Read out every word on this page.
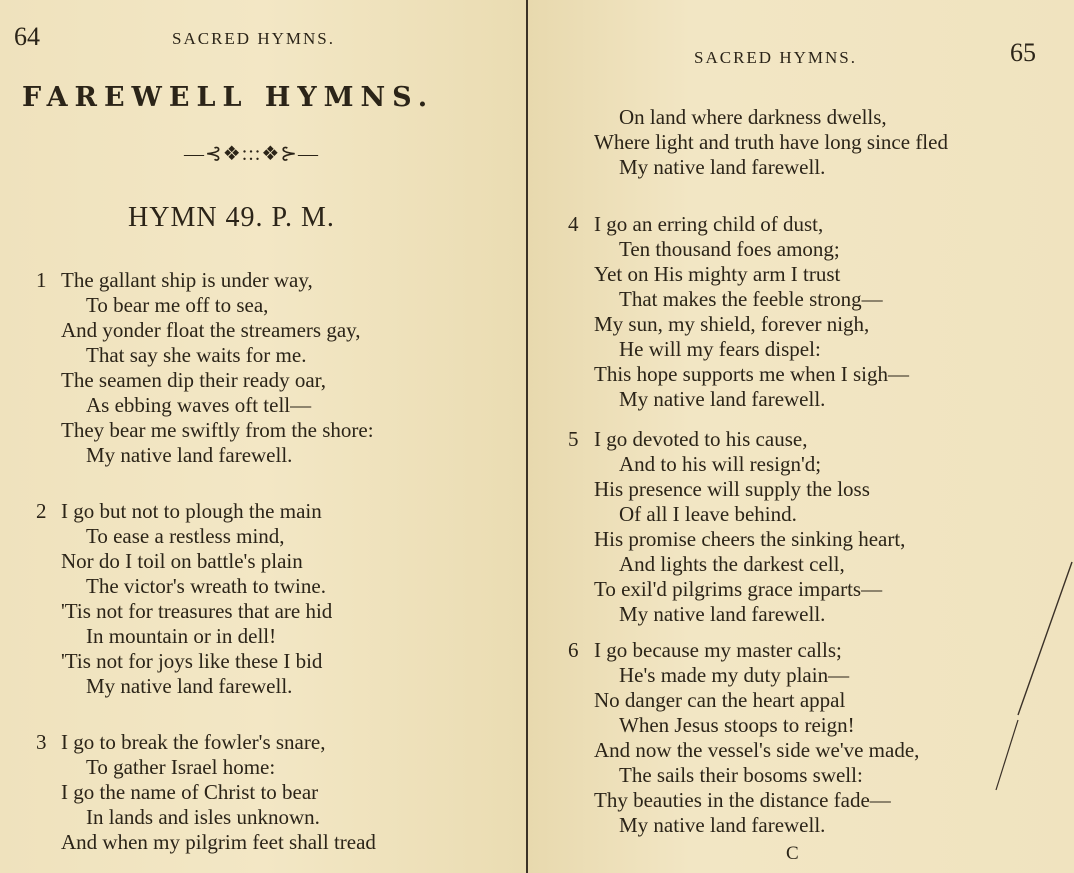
64	SACRED HYMNS.
FAREWELL HYMNS.
—⊰❖:::❖⊱—
HYMN 49. P. M.
1 The gallant ship is under way,
To bear me off to sea,
And yonder float the streamers gay,
That say she waits for me.
The seamen dip their ready oar,
As ebbing waves oft tell—
They bear me swiftly from the shore:
My native land farewell.
2 I go but not to plough the main
To ease a restless mind,
Nor do I toil on battle's plain
The victor's wreath to twine.
'Tis not for treasures that are hid
In mountain or in dell!
'Tis not for joys like these I bid
My native land farewell.
3 I go to break the fowler's snare,
To gather Israel home:
I go the name of Christ to bear
In lands and isles unknown.
And when my pilgrim feet shall tread
SACRED HYMNS.	65
On land where darkness dwells,
Where light and truth have long since fled
My native land farewell.
4 I go an erring child of dust,
Ten thousand foes among;
Yet on His mighty arm I trust
That makes the feeble strong—
My sun, my shield, forever nigh,
He will my fears dispel:
This hope supports me when I sigh—
My native land farewell.
5 I go devoted to his cause,
And to his will resign'd;
His presence will supply the loss
Of all I leave behind.
His promise cheers the sinking heart,
And lights the darkest cell,
To exil'd pilgrims grace imparts—
My native land farewell.
6 I go because my master calls;
He's made my duty plain—
No danger can the heart appal
When Jesus stoops to reign!
And now the vessel's side we've made,
The sails their bosoms swell:
Thy beauties in the distance fade—
My native land farewell.
C
